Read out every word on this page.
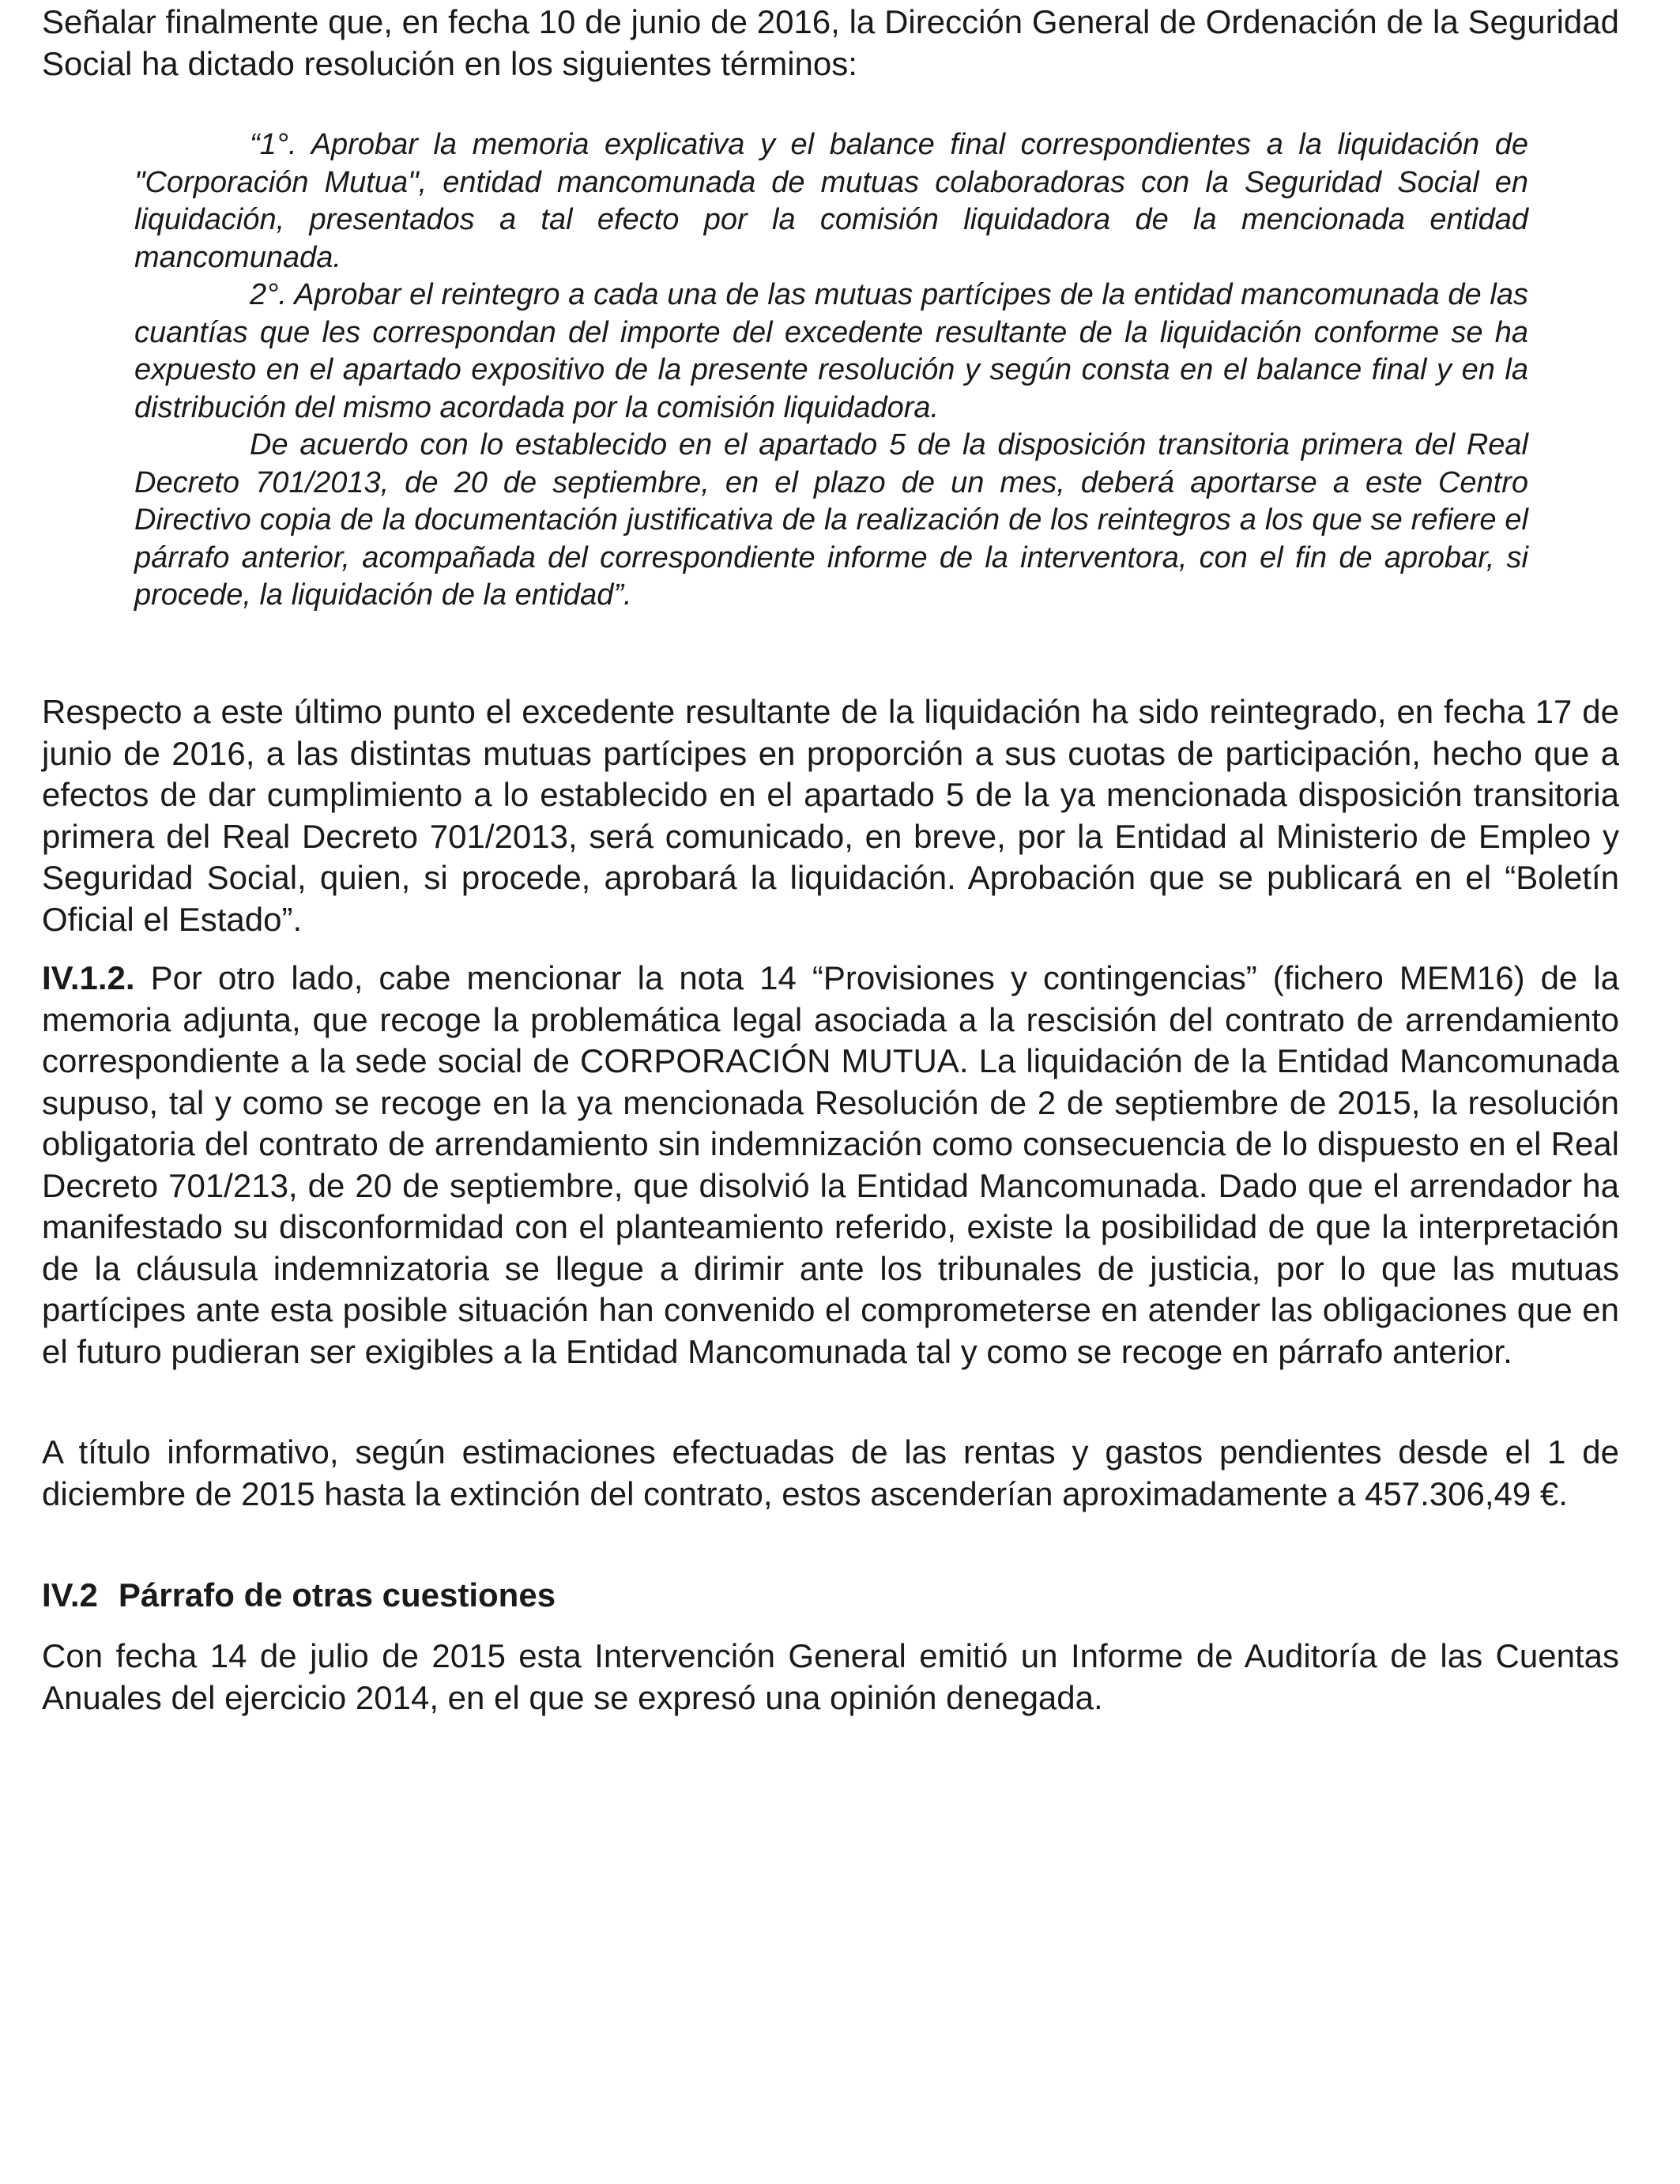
Señalar finalmente que, en fecha 10 de junio de 2016, la Dirección General de Ordenación de la Seguridad Social ha dictado resolución en los siguientes términos:

“1°. Aprobar la memoria explicativa y el balance final correspondientes a la liquidación de "Corporación Mutua", entidad mancomunada de mutuas colaboradoras con la Seguridad Social en liquidación, presentados a tal efecto por la comisión liquidadora de la mencionada entidad mancomunada.

2°. Aprobar el reintegro a cada una de las mutuas partícipes de la entidad mancomunada de las cuantías que les correspondan del importe del excedente resultante de la liquidación conforme se ha expuesto en el apartado expositivo de la presente resolución y según consta en el balance final y en la distribución del mismo acordada por la comisión liquidadora.

De acuerdo con lo establecido en el apartado 5 de la disposición transitoria primera del Real Decreto 701/2013, de 20 de septiembre, en el plazo de un mes, deberá aportarse a este Centro Directivo copia de la documentación justificativa de la realización de los reintegros a los que se refiere el párrafo anterior, acompañada del correspondiente informe de la interventora, con el fin de aprobar, si procede, la liquidación de la entidad”.

Respecto a este último punto el excedente resultante de la liquidación ha sido reintegrado, en fecha 17 de junio de 2016, a las distintas mutuas partícipes en proporción a sus cuotas de participación, hecho que a efectos de dar cumplimiento a lo establecido en el apartado 5 de la ya mencionada disposición transitoria primera del Real Decreto 701/2013, será comunicado, en breve, por la Entidad al Ministerio de Empleo y Seguridad Social, quien, si procede, aprobará la liquidación. Aprobación que se publicará en el “Boletín Oficial el Estado”.

IV.1.2. Por otro lado, cabe mencionar la nota 14 “Provisiones y contingencias” (fichero MEM16) de la memoria adjunta, que recoge la problemática legal asociada a la rescisión del contrato de arrendamiento correspondiente a la sede social de CORPORACIÓN MUTUA. La liquidación de la Entidad Mancomunada supuso, tal y como se recoge en la ya mencionada Resolución de 2 de septiembre de 2015, la resolución obligatoria del contrato de arrendamiento sin indemnización como consecuencia de lo dispuesto en el Real Decreto 701/213, de 20 de septiembre, que disolvió la Entidad Mancomunada. Dado que el arrendador ha manifestado su disconformidad con el planteamiento referido, existe la posibilidad de que la interpretación de la cláusula indemnizatoria se llegue a dirimir ante los tribunales de justicia, por lo que las mutuas partícipes ante esta posible situación han convenido el comprometerse en atender las obligaciones que en el futuro pudieran ser exigibles a la Entidad Mancomunada tal y como se recoge en párrafo anterior.

A título informativo, según estimaciones efectuadas de las rentas y gastos pendientes desde el 1 de diciembre de 2015 hasta la extinción del contrato, estos ascenderían aproximadamente a 457.306,49 €.

IV.2 Párrafo de otras cuestiones

Con fecha 14 de julio de 2015 esta Intervención General emitió un Informe de Auditoría de las Cuentas Anuales del ejercicio 2014, en el que se expresó una opinión denegada.
